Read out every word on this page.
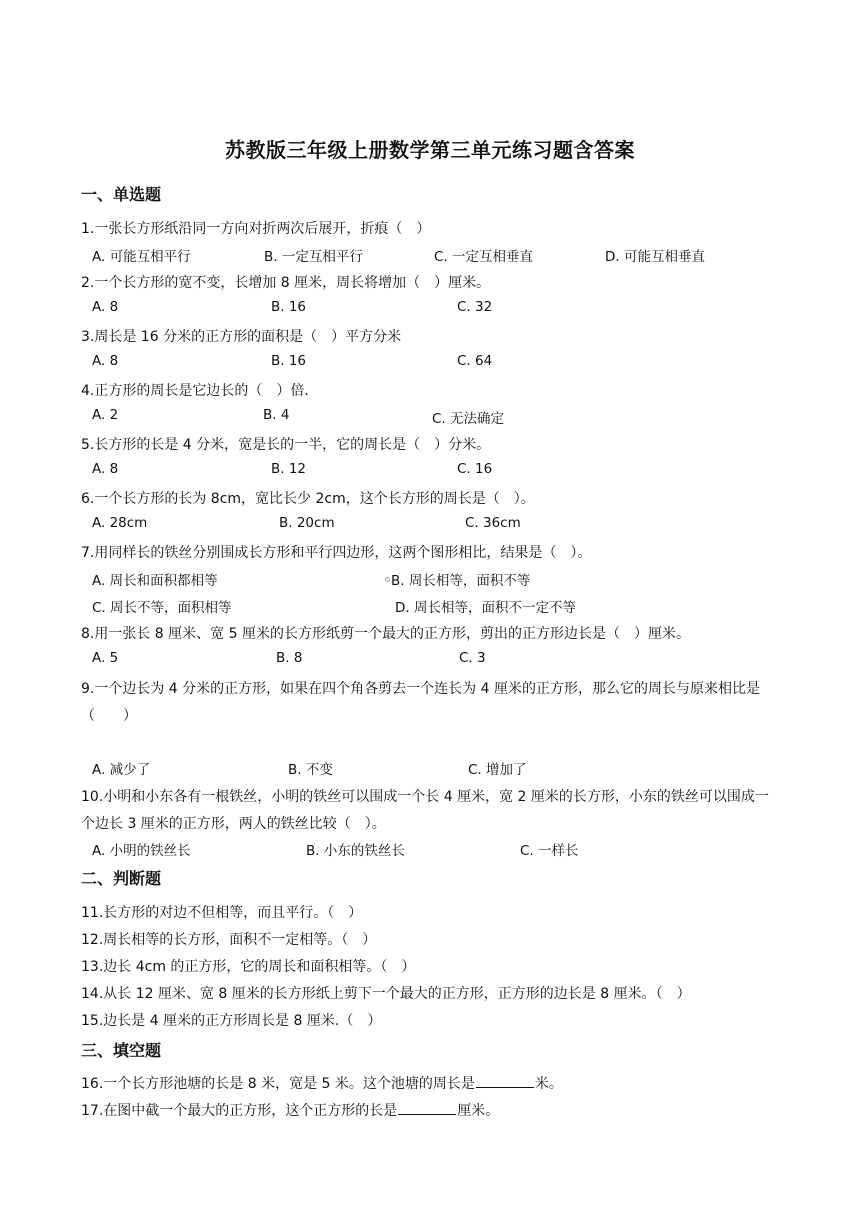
苏教版三年级上册数学第三单元练习题含答案
一、单选题
1.一张长方形纸沿同一方向对折两次后展开，折痕（　）
A. 可能互相平行	B. 一定互相平行	C. 一定互相垂直	D. 可能互相垂直
2.一个长方形的宽不变，长增加 8 厘米，周长将增加（　）厘米。
A. 8	B. 16	C. 32
3.周长是 16 分米的正方形的面积是（　）平方分米
A. 8	B. 16	C. 64
4.正方形的周长是它边长的（　）倍.
A. 2	B. 4	C. 无法确定
5.长方形的长是 4 分米，宽是长的一半，它的周长是（　）分米。
A. 8	B. 12	C. 16
6.一个长方形的长为 8cm，宽比长少 2cm，这个长方形的周长是（　）。
A. 28cm	B. 20cm	C. 36cm
7.用同样长的铁丝分别围成长方形和平行四边形，这两个图形相比，结果是（　）。
A. 周长和面积都相等	B. 周长相等，面积不等
C. 周长不等，面积相等	D. 周长相等，面积不一定不等
8.用一张长 8 厘米、宽 5 厘米的长方形纸剪一个最大的正方形，剪出的正方形边长是（　）厘米。
A. 5	B. 8	C. 3
9.一个边长为 4 分米的正方形，如果在四个角各剪去一个连长为 4 厘米的正方形，那么它的周长与原来相比是（　　）
A. 减少了	B. 不变	C. 增加了
10.小明和小东各有一根铁丝，小明的铁丝可以围成一个长 4 厘米，宽 2 厘米的长方形，小东的铁丝可以围成一个边长 3 厘米的正方形，两人的铁丝比较（　）。
A. 小明的铁丝长	B. 小东的铁丝长	C. 一样长
二、判断题
11.长方形的对边不但相等，而且平行。（　）
12.周长相等的长方形，面积不一定相等。（　）
13.边长 4cm 的正方形，它的周长和面积相等。（　）
14.从长 12 厘米、宽 8 厘米的长方形纸上剪下一个最大的正方形，正方形的边长是 8 厘米。（　）
15.边长是 4 厘米的正方形周长是 8 厘米.（　）
三、填空题
16.一个长方形池塘的长是 8 米，宽是 5 米。这个池塘的周长是	米。
17.在图中截一个最大的正方形，这个正方形的长是	厘米。
